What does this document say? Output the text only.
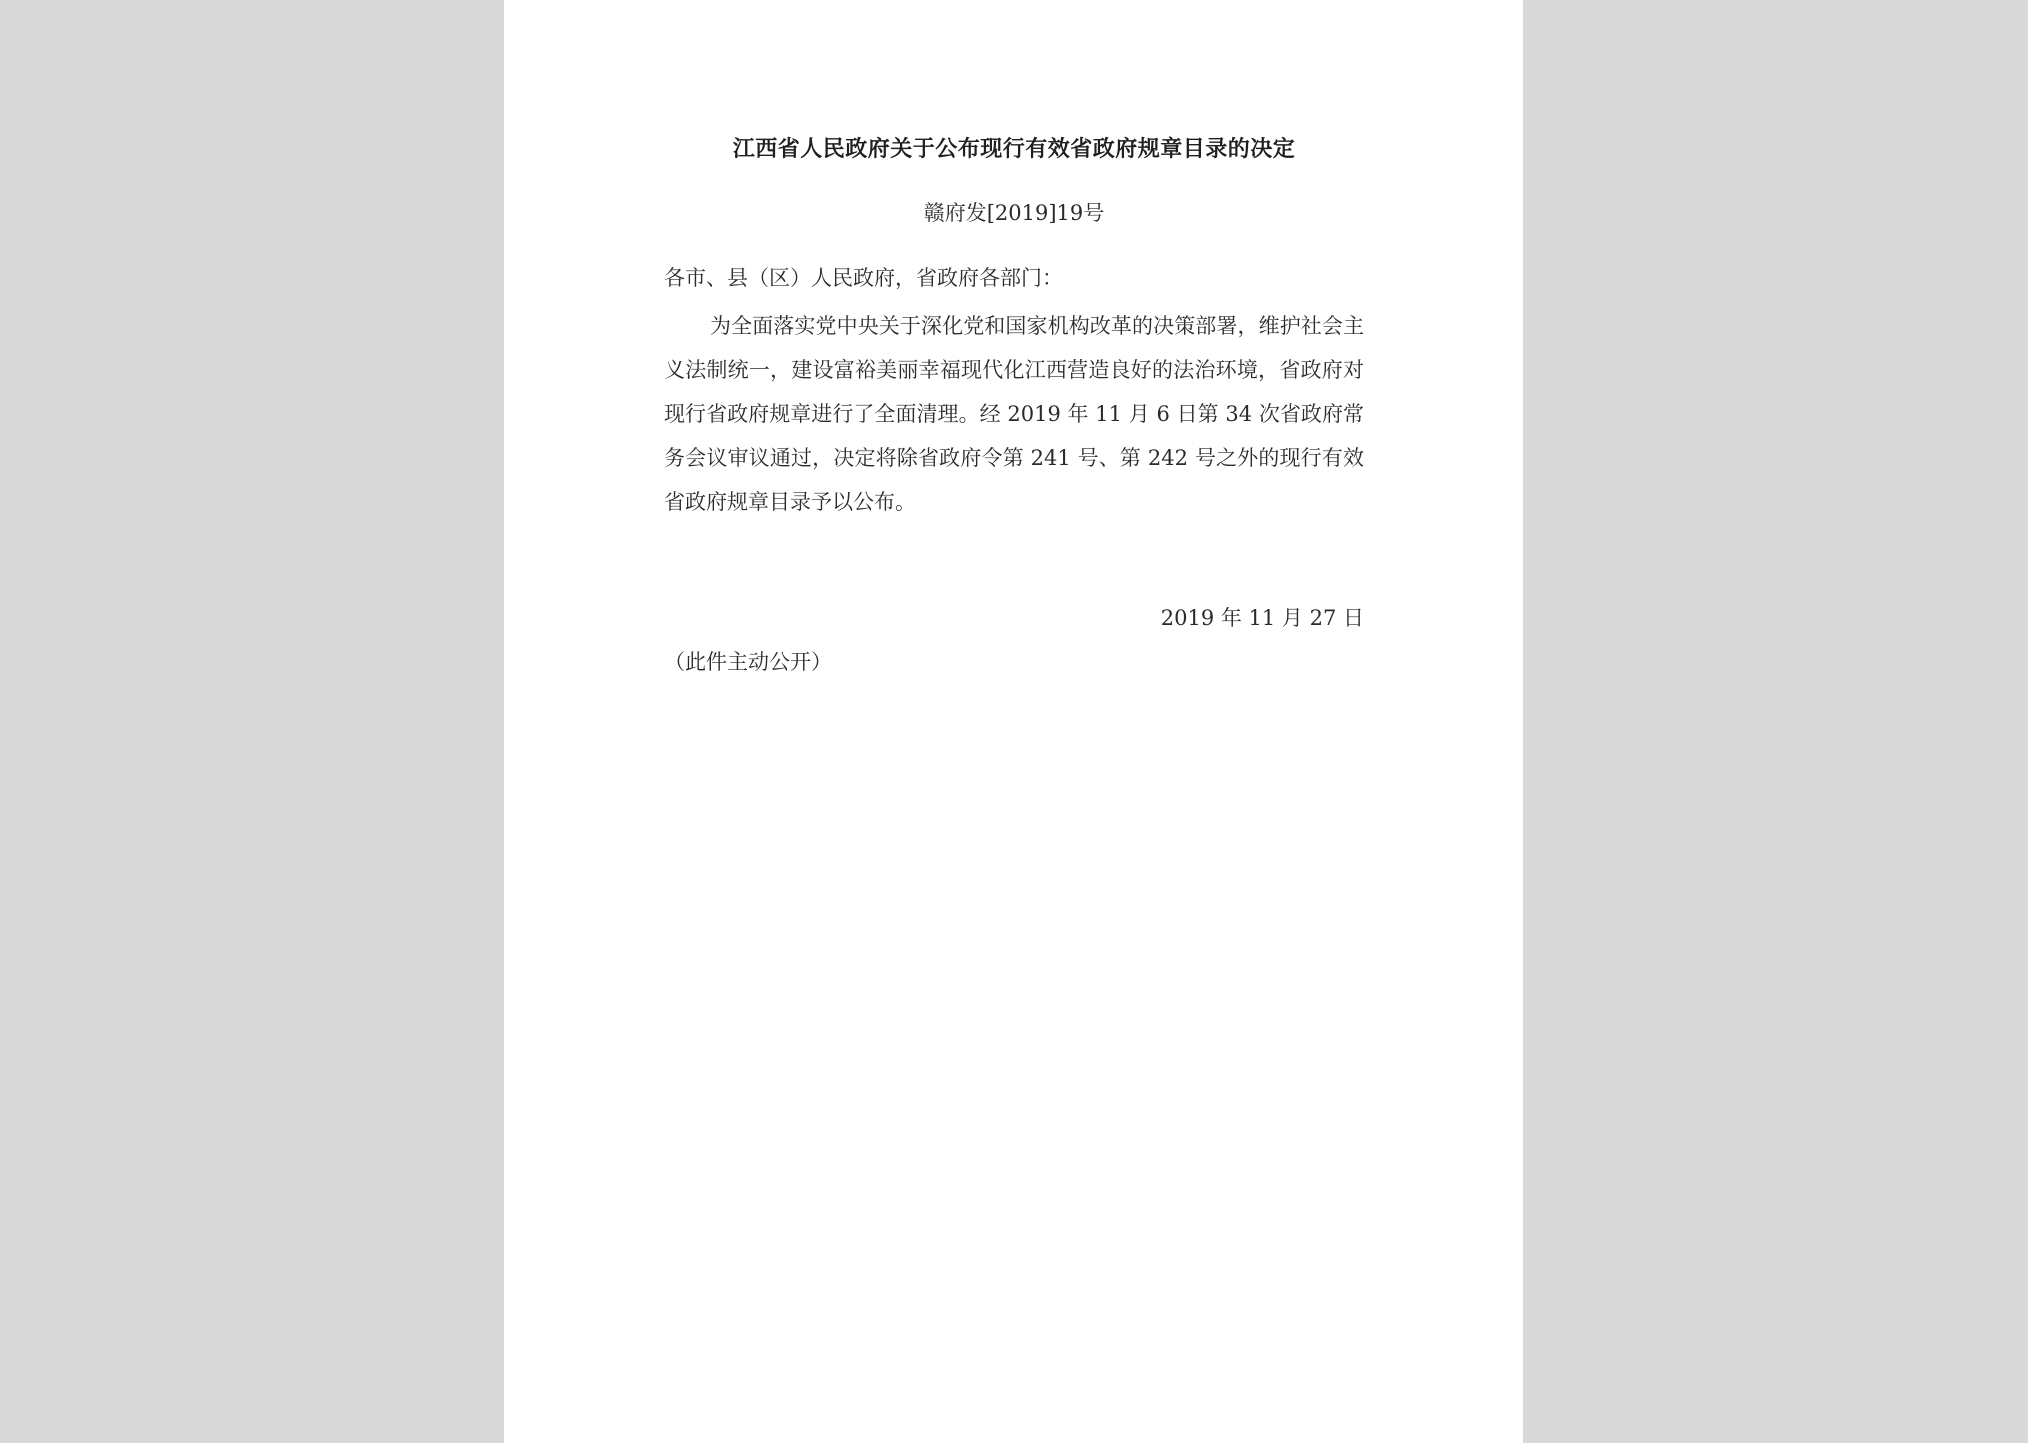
江西省人民政府关于公布现行有效省政府规章目录的决定
赣府发[2019]19号
各市、县（区）人民政府，省政府各部门：
为全面落实党中央关于深化党和国家机构改革的决策部署，维护社会主义法制统一，建设富裕美丽幸福现代化江西营造良好的法治环境，省政府对现行省政府规章进行了全面清理。经 2019 年 11 月 6 日第 34 次省政府常务会议审议通过，决定将除省政府令第 241 号、第 242 号之外的现行有效省政府规章目录予以公布。
2019 年 11 月 27 日
（此件主动公开）
